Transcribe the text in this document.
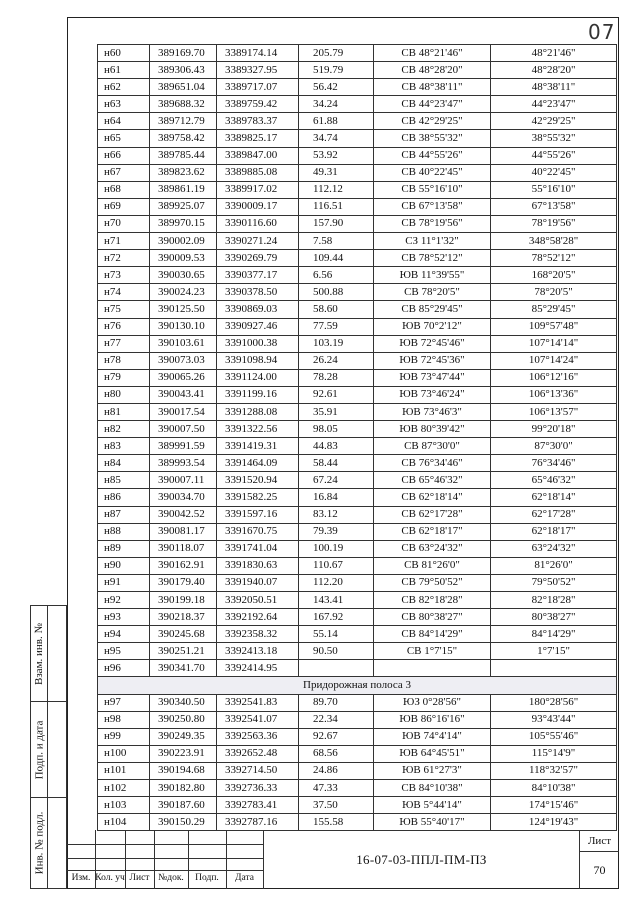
07
н60	389169.70	3389174.14	205.79	СВ 48°21'46"	48°21'46"
н61	389306.43	3389327.95	519.79	СВ 48°28'20"	48°28'20"
н62	389651.04	3389717.07	56.42	СВ 48°38'11"	48°38'11"
н63	389688.32	3389759.42	34.24	СВ 44°23'47"	44°23'47"
н64	389712.79	3389783.37	61.88	СВ 42°29'25"	42°29'25"
н65	389758.42	3389825.17	34.74	СВ 38°55'32"	38°55'32"
н66	389785.44	3389847.00	53.92	СВ 44°55'26"	44°55'26"
н67	389823.62	3389885.08	49.31	СВ 40°22'45"	40°22'45"
н68	389861.19	3389917.02	112.12	СВ 55°16'10"	55°16'10"
н69	389925.07	3390009.17	116.51	СВ 67°13'58"	67°13'58"
н70	389970.15	3390116.60	157.90	СВ 78°19'56"	78°19'56"
н71	390002.09	3390271.24	7.58	СЗ 11°1'32"	348°58'28"
н72	390009.53	3390269.79	109.44	СВ 78°52'12"	78°52'12"
н73	390030.65	3390377.17	6.56	ЮВ 11°39'55"	168°20'5"
н74	390024.23	3390378.50	500.88	СВ 78°20'5"	78°20'5"
н75	390125.50	3390869.03	58.60	СВ 85°29'45"	85°29'45"
н76	390130.10	3390927.46	77.59	ЮВ 70°2'12"	109°57'48"
н77	390103.61	3391000.38	103.19	ЮВ 72°45'46"	107°14'14"
н78	390073.03	3391098.94	26.24	ЮВ 72°45'36"	107°14'24"
н79	390065.26	3391124.00	78.28	ЮВ 73°47'44"	106°12'16"
н80	390043.41	3391199.16	92.61	ЮВ 73°46'24"	106°13'36"
н81	390017.54	3391288.08	35.91	ЮВ 73°46'3"	106°13'57"
н82	390007.50	3391322.56	98.05	ЮВ 80°39'42"	99°20'18"
н83	389991.59	3391419.31	44.83	СВ 87°30'0"	87°30'0"
н84	389993.54	3391464.09	58.44	СВ 76°34'46"	76°34'46"
н85	390007.11	3391520.94	67.24	СВ 65°46'32"	65°46'32"
н86	390034.70	3391582.25	16.84	СВ 62°18'14"	62°18'14"
н87	390042.52	3391597.16	83.12	СВ 62°17'28"	62°17'28"
н88	390081.17	3391670.75	79.39	СВ 62°18'17"	62°18'17"
н89	390118.07	3391741.04	100.19	СВ 63°24'32"	63°24'32"
н90	390162.91	3391830.63	110.67	СВ 81°26'0"	81°26'0"
н91	390179.40	3391940.07	112.20	СВ 79°50'52"	79°50'52"
н92	390199.18	3392050.51	143.41	СВ 82°18'28"	82°18'28"
н93	390218.37	3392192.64	167.92	СВ 80°38'27"	80°38'27"
н94	390245.68	3392358.32	55.14	СВ 84°14'29"	84°14'29"
н95	390251.21	3392413.18	90.50	СВ 1°7'15"	1°7'15"
н96	390341.70	3392414.95			
Придорожная полоса 3					
н97	390340.50	3392541.83	89.70	ЮЗ 0°28'56"	180°28'56"
н98	390250.80	3392541.07	22.34	ЮВ 86°16'16"	93°43'44"
н99	390249.35	3392563.36	92.67	ЮВ 74°4'14"	105°55'46"
н100	390223.91	3392652.48	68.56	ЮВ 64°45'51"	115°14'9"
н101	390194.68	3392714.50	24.86	ЮВ 61°27'3"	118°32'57"
н102	390182.80	3392736.33	47.33	СВ 84°10'38"	84°10'38"
н103	390187.60	3392783.41	37.50	ЮВ 5°44'14"	174°15'46"
н104	390150.29	3392787.16	155.58	ЮВ 55°40'17"	124°19'43"
Взам. инв. №
Подп. и дата
Инв. № подл.
Изм. Кол. уч Лист №док.	Подп.	Дата
16-07-03-ППЛ-ПМ-ПЗ
Лист
70
